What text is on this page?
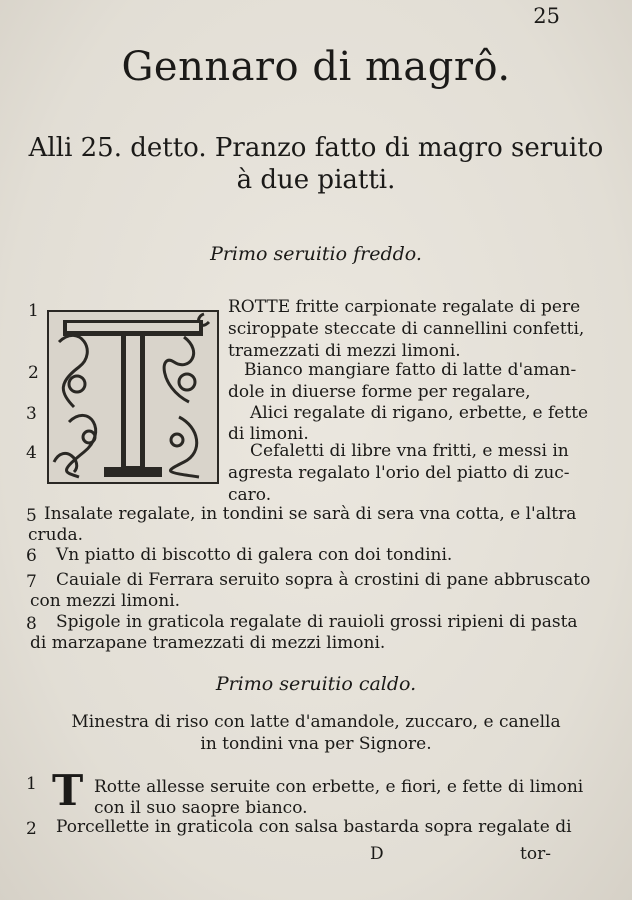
25
Gennaro di magrô.
Alli 25. detto. Pranzo fatto di magro seruito
à due piatti.
Primo seruitio freddo.
1	ROTTE fritte carpionate regalate di pere
sciroppate steccate di cannellini confetti,
tramezzati di mezzi limoni.
2	Bianco mangiare fatto di latte d'aman-
dole in diuerse forme per regalare,
3	Alici regalate di rigano, erbette, e fette
di limoni.
4	Cefaletti di libre vna fritti, e messi in
agresta regalato l'orio del piatto di zuc-
caro.
5 Insalate regalate, in tondini se sarà di sera vna cotta, e l'altra
cruda.
6 Vn piatto di biscotto di galera con doi tondini.
7 Cauiale di Ferrara seruito sopra à crostini di pane abbruscato
con mezzi limoni.
8 Spigole in graticola regalate di rauioli grossi ripieni di pasta
di marzapane tramezzati di mezzi limoni.
Primo seruitio caldo.
Minestra di riso con latte d'amandole, zuccaro, e canella
in tondini vna per Signore.
1 T Rotte allesse seruite con erbette, e fiori, e fette di limoni
con il suo saopre bianco.
2 Porcellette in graticola con salsa bastarda sopra regalate di
D	tor-
